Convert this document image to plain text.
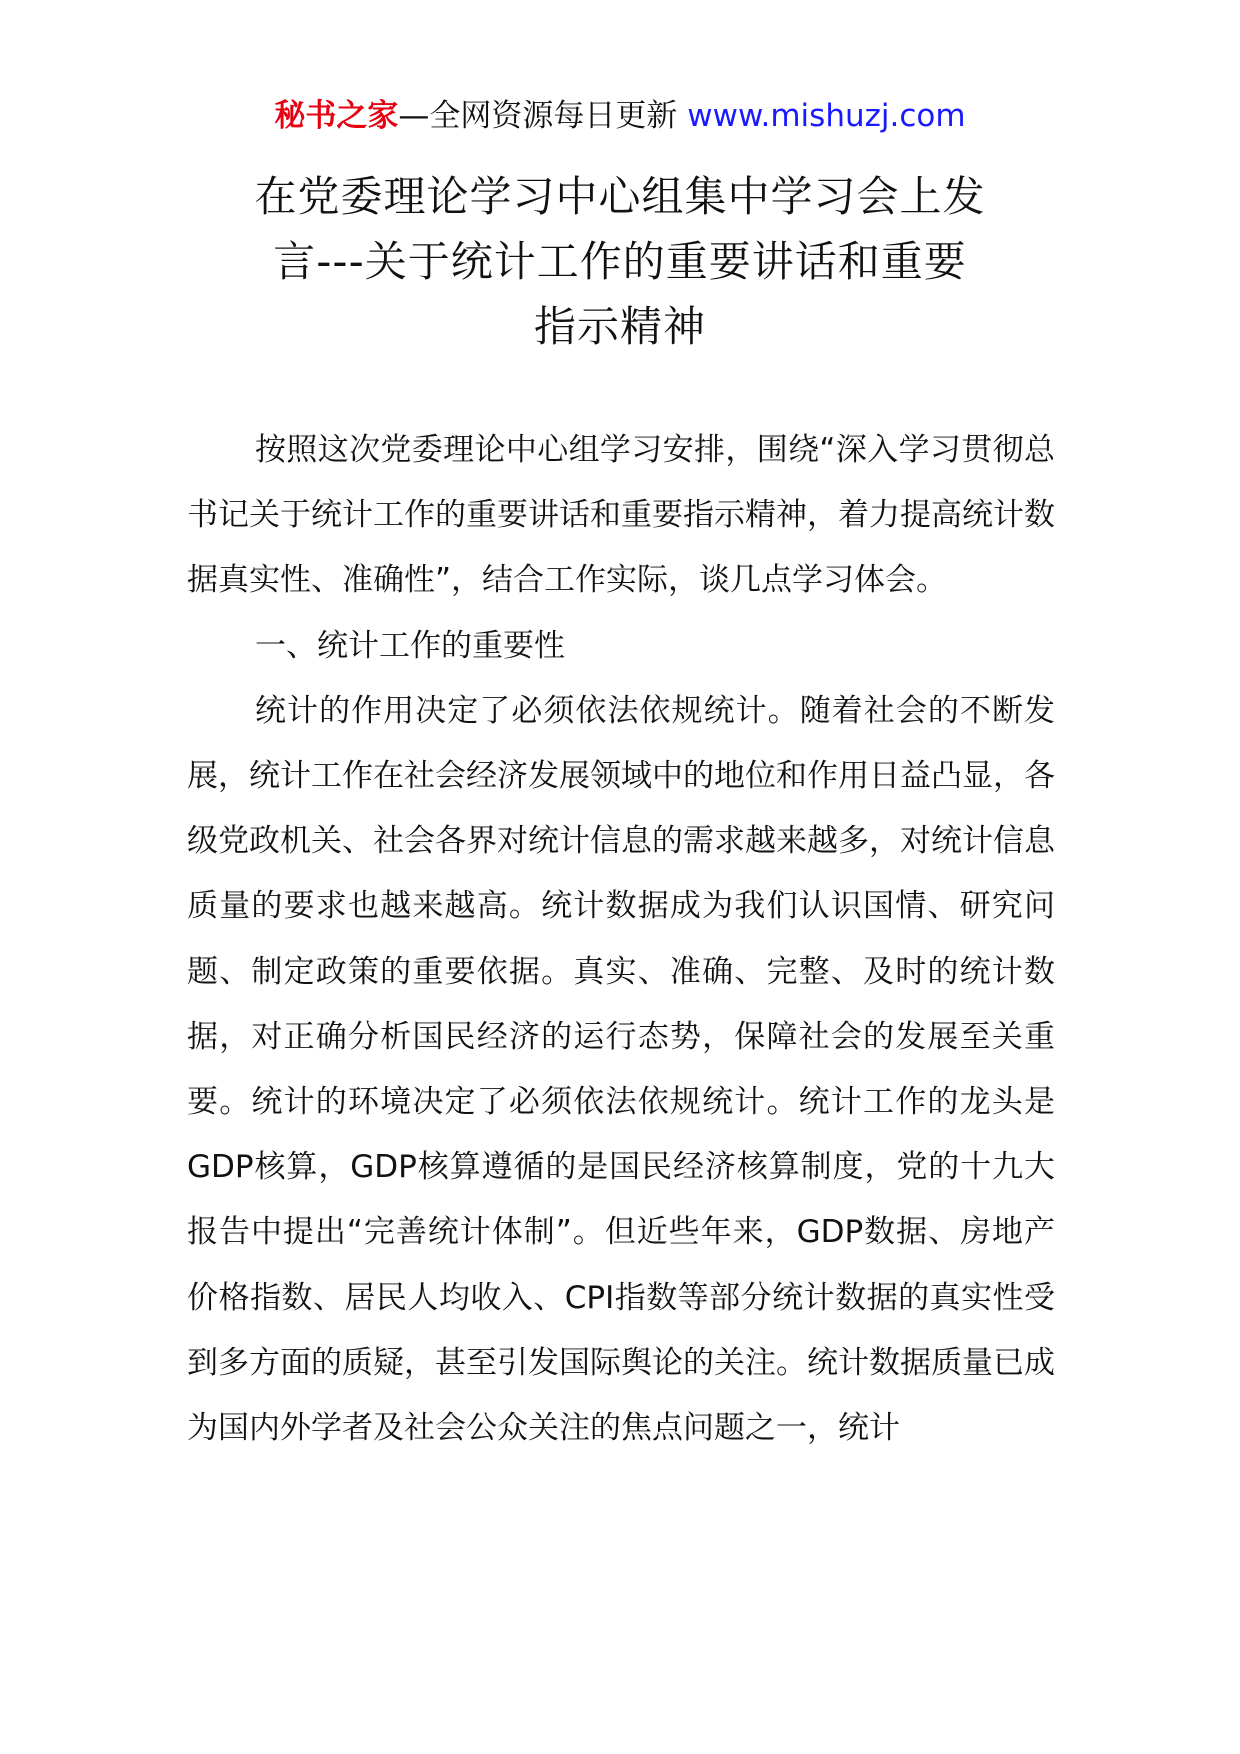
秘书之家—全网资源每日更新 www.mishuzj.com
在党委理论学习中心组集中学习会上发
言---关于统计工作的重要讲话和重要
指示精神

按照这次党委理论中心组学习安排，围绕“深入学习贯彻总书记关于统计工作的重要讲话和重要指示精神，着力提高统计数据真实性、准确性”，结合工作实际，谈几点学习体会。

一、统计工作的重要性

统计的作用决定了必须依法依规统计。随着社会的不断发展，统计工作在社会经济发展领域中的地位和作用日益凸显，各级党政机关、社会各界对统计信息的需求越来越多，对统计信息质量的要求也越来越高。统计数据成为我们认识国情、研究问题、制定政策的重要依据。真实、准确、完整、及时的统计数据，对正确分析国民经济的运行态势，保障社会的发展至关重要。统计的环境决定了必须依法依规统计。统计工作的龙头是GDP核算，GDP核算遵循的是国民经济核算制度，党的十九大报告中提出“完善统计体制”。但近些年来，GDP数据、房地产价格指数、居民人均收入、CPI指数等部分统计数据的真实性受到多方面的质疑，甚至引发国际舆论的关注。统计数据质量已成为国内外学者及社会公众关注的焦点问题之一，统计
